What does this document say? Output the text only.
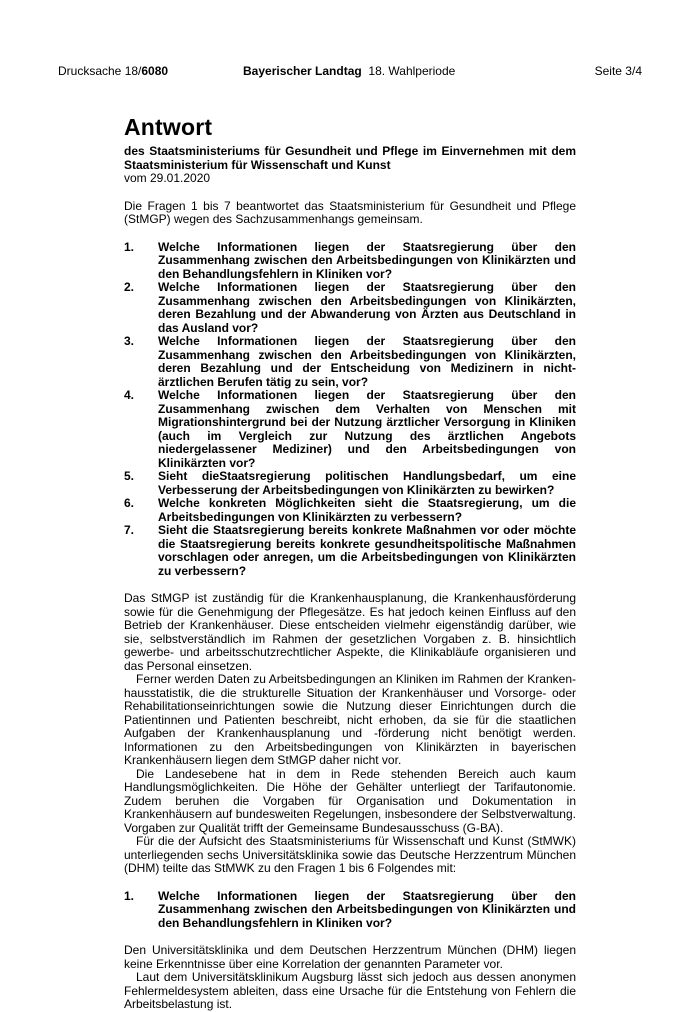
Drucksache 18/6080	Bayerischer Landtag 18. Wahlperiode	Seite 3/4
Antwort

des Staatsministeriums für Gesundheit und Pflege im Einvernehmen mit dem Staatsministerium für Wissenschaft und Kunst

vom 29.01.2020

Die Fragen 1 bis 7 beantwortet das Staatsministerium für Gesundheit und Pflege (StMGP) wegen des Sachzusammenhangs gemeinsam.

1.	Welche Informationen liegen der Staatsregierung über den Zusammenhang zwischen den Arbeitsbedingungen von Klinikärzten und den Behandlungsfehlern in Kliniken vor?
2.	Welche Informationen liegen der Staatsregierung über den Zusammenhang zwischen den Arbeitsbedingungen von Klinikärzten, deren Bezahlung und der Abwanderung von Ärzten aus Deutschland in das Ausland vor?
3.	Welche Informationen liegen der Staatsregierung über den Zusammenhang zwischen den Arbeitsbedingungen von Klinikärzten, deren Bezahlung und der Entscheidung von Medizinern in nicht-ärztlichen Berufen tätig zu sein, vor?
4.	Welche Informationen liegen der Staatsregierung über den Zusammenhang zwischen dem Verhalten von Menschen mit Migrationshintergrund bei der Nutzung ärztlicher Versorgung in Kliniken (auch im Vergleich zur Nutzung des ärztlichen Angebots niedergelassener Mediziner) und den Arbeitsbedingungen von Klinikärzten vor?
5.	Sieht dieStaatsregierung politischen Handlungsbedarf, um eine Verbesserung der Arbeitsbedingungen von Klinikärzten zu bewirken?
6.	Welche konkreten Möglichkeiten sieht die Staatsregierung, um die Arbeitsbedingungen von Klinikärzten zu verbessern?
7.	Sieht die Staatsregierung bereits konkrete Maßnahmen vor oder möchte die Staatsregierung bereits konkrete gesundheitspolitische Maßnahmen vorschlagen oder anregen, um die Arbeitsbedingungen von Klinikärzten zu verbessern?

Das StMGP ist zuständig für die Krankenhausplanung, die Krankenhausförderung sowie für die Genehmigung der Pflegesätze. Es hat jedoch keinen Einfluss auf den Betrieb der Krankenhäuser. Diese entscheiden vielmehr eigenständig darüber, wie sie, selbstverständlich im Rahmen der gesetzlichen Vorgaben z. B. hinsichtlich gewerbe- und arbeitsschutzrechtlicher Aspekte, die Klinikabläufe organisieren und das Personal einsetzen.

Ferner werden Daten zu Arbeitsbedingungen an Kliniken im Rahmen der Krankenhausstatistik, die die strukturelle Situation der Krankenhäuser und Vorsorge- oder Rehabilitationseinrichtungen sowie die Nutzung dieser Einrichtungen durch die Patientinnen und Patienten beschreibt, nicht erhoben, da sie für die staatlichen Aufgaben der Krankenhausplanung und -förderung nicht benötigt werden. Informationen zu den Arbeitsbedingungen von Klinikärzten in bayerischen Krankenhäusern liegen dem StMGP daher nicht vor.

Die Landesebene hat in dem in Rede stehenden Bereich auch kaum Handlungsmöglichkeiten. Die Höhe der Gehälter unterliegt der Tarifautonomie. Zudem beruhen die Vorgaben für Organisation und Dokumentation in Krankenhäusern auf bundesweiten Regelungen, insbesondere der Selbstverwaltung. Vorgaben zur Qualität trifft der Gemeinsame Bundesausschuss (G-BA).

Für die der Aufsicht des Staatsministeriums für Wissenschaft und Kunst (StMWK) unterliegenden sechs Universitätsklinika sowie das Deutsche Herzzentrum München (DHM) teilte das StMWK zu den Fragen 1 bis 6 Folgendes mit:

1.	Welche Informationen liegen der Staatsregierung über den Zusammenhang zwischen den Arbeitsbedingungen von Klinikärzten und den Behandlungsfehlern in Kliniken vor?

Den Universitätsklinika und dem Deutschen Herzzentrum München (DHM) liegen keine Erkenntnisse über eine Korrelation der genannten Parameter vor.

Laut dem Universitätsklinikum Augsburg lässt sich jedoch aus dessen anonymen Fehlermeldesystem ableiten, dass eine Ursache für die Entstehung von Fehlern die Arbeitsbelastung ist.
